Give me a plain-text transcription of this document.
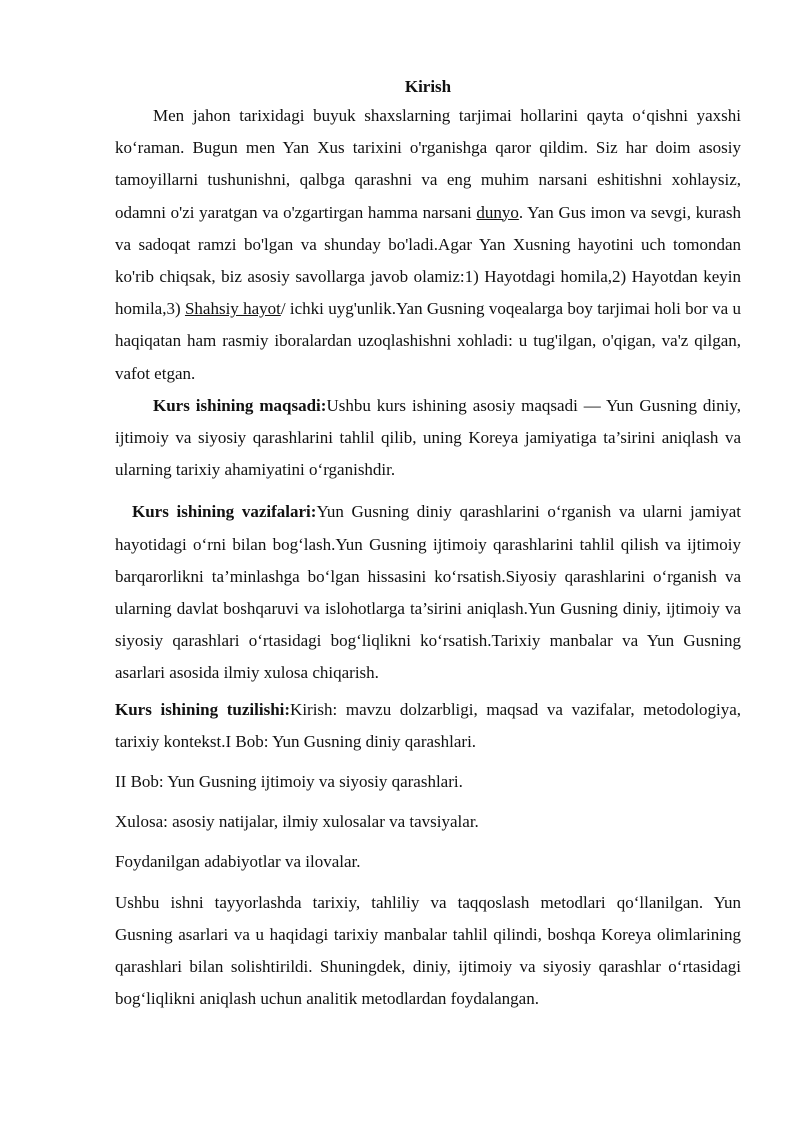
Kirish

Men jahon tarixidagi buyuk shaxslarning tarjimai hollarini qayta o‘qishni yaxshi ko‘raman. Bugun men Yan Xus tarixini o'rganishga qaror qildim. Siz har doim asosiy tamoyillarni tushunishni, qalbga qarashni va eng muhim narsani eshitishni xohlaysiz, odamni o'zi yaratgan va o'zgartirgan hamma narsani dunyo. Yan Gus imon va sevgi, kurash va sadoqat ramzi bo'lgan va shunday bo'ladi.Agar Yan Xusning hayotini uch tomondan ko'rib chiqsak, biz asosiy savollarga javob olamiz:1) Hayotdagi homila,2) Hayotdan keyin homila,3) Shahsiy hayot/ ichki uyg'unlik.Yan Gusning voqealarga boy tarjimai holi bor va u haqiqatan ham rasmiy iboralardan uzoqlashishni xohladi: u tug'ilgan, o'qigan, va'z qilgan, vafot etgan.

Kurs ishining maqsadi:Ushbu kurs ishining asosiy maqsadi — Yun Gusning diniy, ijtimoiy va siyosiy qarashlarini tahlil qilib, uning Koreya jamiyatiga ta’sirini aniqlash va ularning tarixiy ahamiyatini o‘rganishdir.

Kurs ishining vazifalari:Yun Gusning diniy qarashlarini o‘rganish va ularni jamiyat hayotidagi o‘rni bilan bog‘lash.Yun Gusning ijtimoiy qarashlarini tahlil qilish va ijtimoiy barqarorlikni ta’minlashga bo‘lgan hissasini ko‘rsatish.Siyosiy qarashlarini o‘rganish va ularning davlat boshqaruvi va islohotlarga ta’sirini aniqlash.Yun Gusning diniy, ijtimoiy va siyosiy qarashlari o‘rtasidagi bog‘liqlikni ko‘rsatish.Tarixiy manbalar va Yun Gusning asarlari asosida ilmiy xulosa chiqarish.

Kurs ishining tuzilishi:Kirish: mavzu dolzarbligi, maqsad va vazifalar, metodologiya, tarixiy kontekst.I Bob: Yun Gusning diniy qarashlari.

II Bob: Yun Gusning ijtimoiy va siyosiy qarashlari.

Xulosa: asosiy natijalar, ilmiy xulosalar va tavsiyalar.

Foydanilgan adabiyotlar va ilovalar.

Ushbu ishni tayyorlashda tarixiy, tahliliy va taqqoslash metodlari qo‘llanilgan. Yun Gusning asarlari va u haqidagi tarixiy manbalar tahlil qilindi, boshqa Koreya olimlarining qarashlari bilan solishtirildi. Shuningdek, diniy, ijtimoiy va siyosiy qarashlar o‘rtasidagi bog‘liqlikni aniqlash uchun analitik metodlardan foydalangan.
